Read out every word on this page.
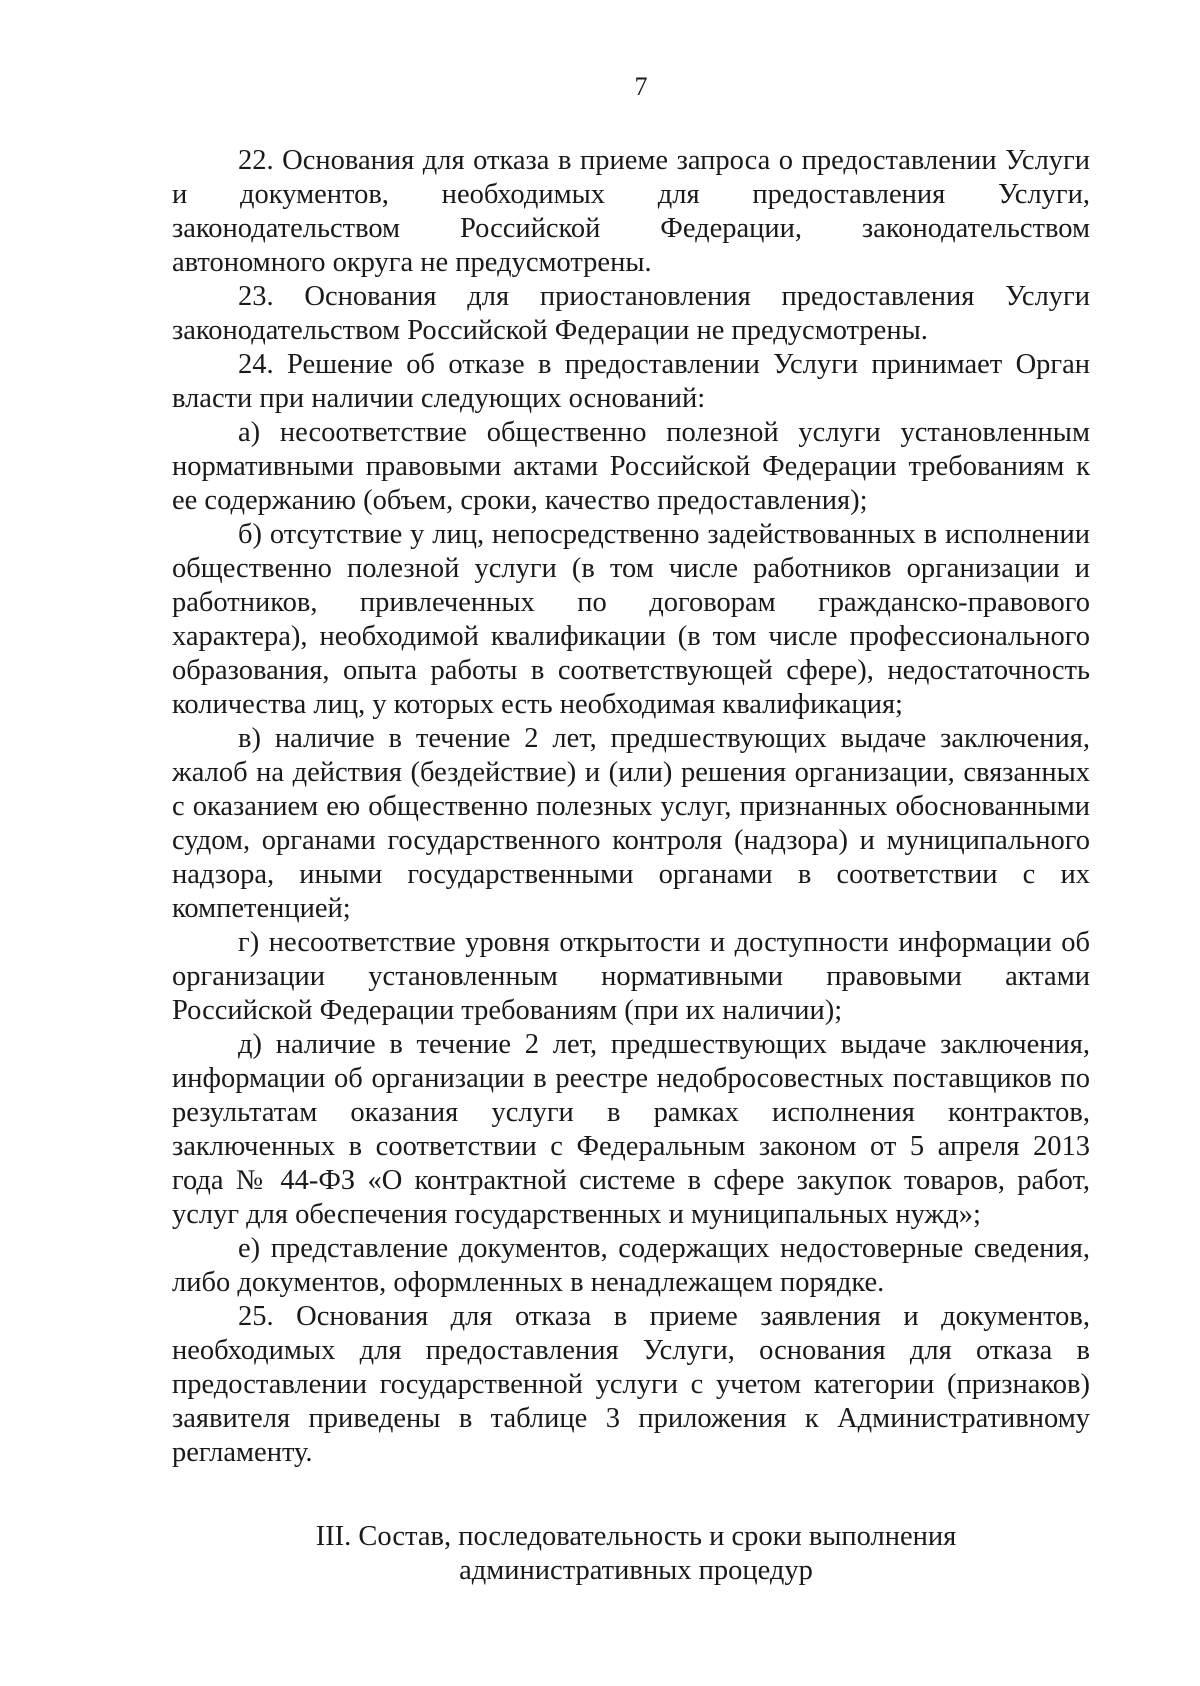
7

22. Основания для отказа в приеме запроса о предоставлении Услуги и документов, необходимых для предоставления Услуги, законодательством Российской Федерации, законодательством автономного округа не предусмотрены.

23. Основания для приостановления предоставления Услуги законодательством Российской Федерации не предусмотрены.

24. Решение об отказе в предоставлении Услуги принимает Орган власти при наличии следующих оснований:

а) несоответствие общественно полезной услуги установленным нормативными правовыми актами Российской Федерации требованиям к ее содержанию (объем, сроки, качество предоставления);

б) отсутствие у лиц, непосредственно задействованных в исполнении общественно полезной услуги (в том числе работников организации и работников, привлеченных по договорам гражданско-правового характера), необходимой квалификации (в том числе профессионального образования, опыта работы в соответствующей сфере), недостаточность количества лиц, у которых есть необходимая квалификация;

в) наличие в течение 2 лет, предшествующих выдаче заключения, жалоб на действия (бездействие) и (или) решения организации, связанных с оказанием ею общественно полезных услуг, признанных обоснованными судом, органами государственного контроля (надзора) и муниципального надзора, иными государственными органами в соответствии с их компетенцией;

г) несоответствие уровня открытости и доступности информации об организации установленным нормативными правовыми актами Российской Федерации требованиям (при их наличии);

д) наличие в течение 2 лет, предшествующих выдаче заключения, информации об организации в реестре недобросовестных поставщиков по результатам оказания услуги в рамках исполнения контрактов, заключенных в соответствии с Федеральным законом от 5 апреля 2013 года № 44-ФЗ «О контрактной системе в сфере закупок товаров, работ, услуг для обеспечения государственных и муниципальных нужд»;

е) представление документов, содержащих недостоверные сведения, либо документов, оформленных в ненадлежащем порядке.

25. Основания для отказа в приеме заявления и документов, необходимых для предоставления Услуги, основания для отказа в предоставлении государственной услуги с учетом категории (признаков) заявителя приведены в таблице 3 приложения к Административному регламенту.

III. Состав, последовательность и сроки выполнения
административных процедур
